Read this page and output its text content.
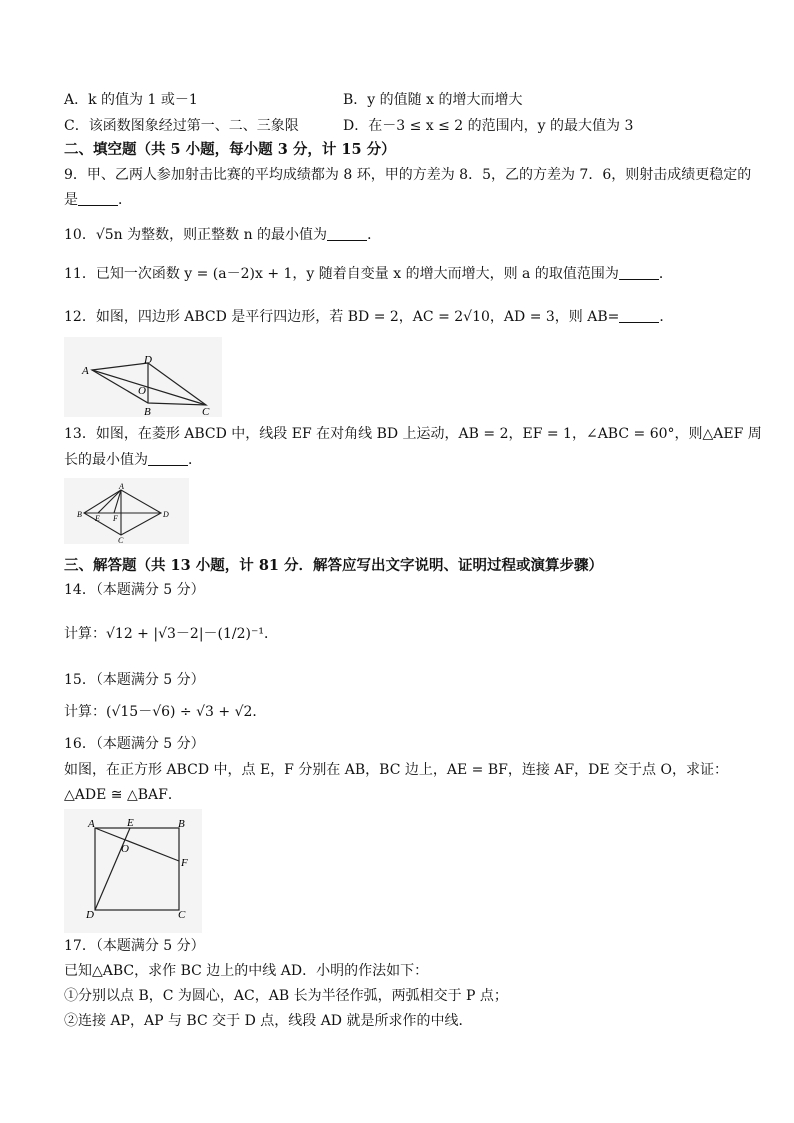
A．k 的值为 1 或－1	B．y 的值随 x 的增大而增大
C．该函数图象经过第一、二、三象限	D．在－3 ≤ x ≤ 2 的范围内，y 的最大值为 3
二、填空题（共 5 小题，每小题 3 分，计 15 分）
9．甲、乙两人参加射击比赛的平均成绩都为 8 环，甲的方差为 8．5，乙的方差为 7．6，则射击成绩更稳定的
是	．
10．√5n 为整数，则正整数 n 的最小值为	．
11．已知一次函数 y = (a－2)x + 1，y 随着自变量 x 的增大而增大，则 a 的取值范围为	．
12．如图，四边形 ABCD 是平行四边形，若 BD = 2，AC = 2√10，AD = 3，则 AB=	．
A
D
O
B	C
13．如图，在菱形 ABCD 中，线段 EF 在对角线 BD 上运动，AB = 2，EF = 1，∠ABC = 60°，则△AEF 周
长的最小值为	．
A
B E F	D
C
三、解答题（共 13 小题，计 81 分．解答应写出文字说明、证明过程或演算步骤）
14．（本题满分 5 分）
计算：√12 + |√3－2|－(1/2)⁻¹．
15．（本题满分 5 分）
计算：(√15－√6) ÷ √3 + √2．
16．（本题满分 5 分）
如图，在正方形 ABCD 中，点 E，F 分别在 AB，BC 边上，AE = BF，连接 AF，DE 交于点 O，求证：
△ADE ≅ △BAF．
A	E	B
O
F
D	C
17．（本题满分 5 分）
已知△ABC，求作 BC 边上的中线 AD．小明的作法如下：
①分别以点 B，C 为圆心，AC，AB 长为半径作弧，两弧相交于 P 点；
②连接 AP，AP 与 BC 交于 D 点，线段 AD 就是所求作的中线．
